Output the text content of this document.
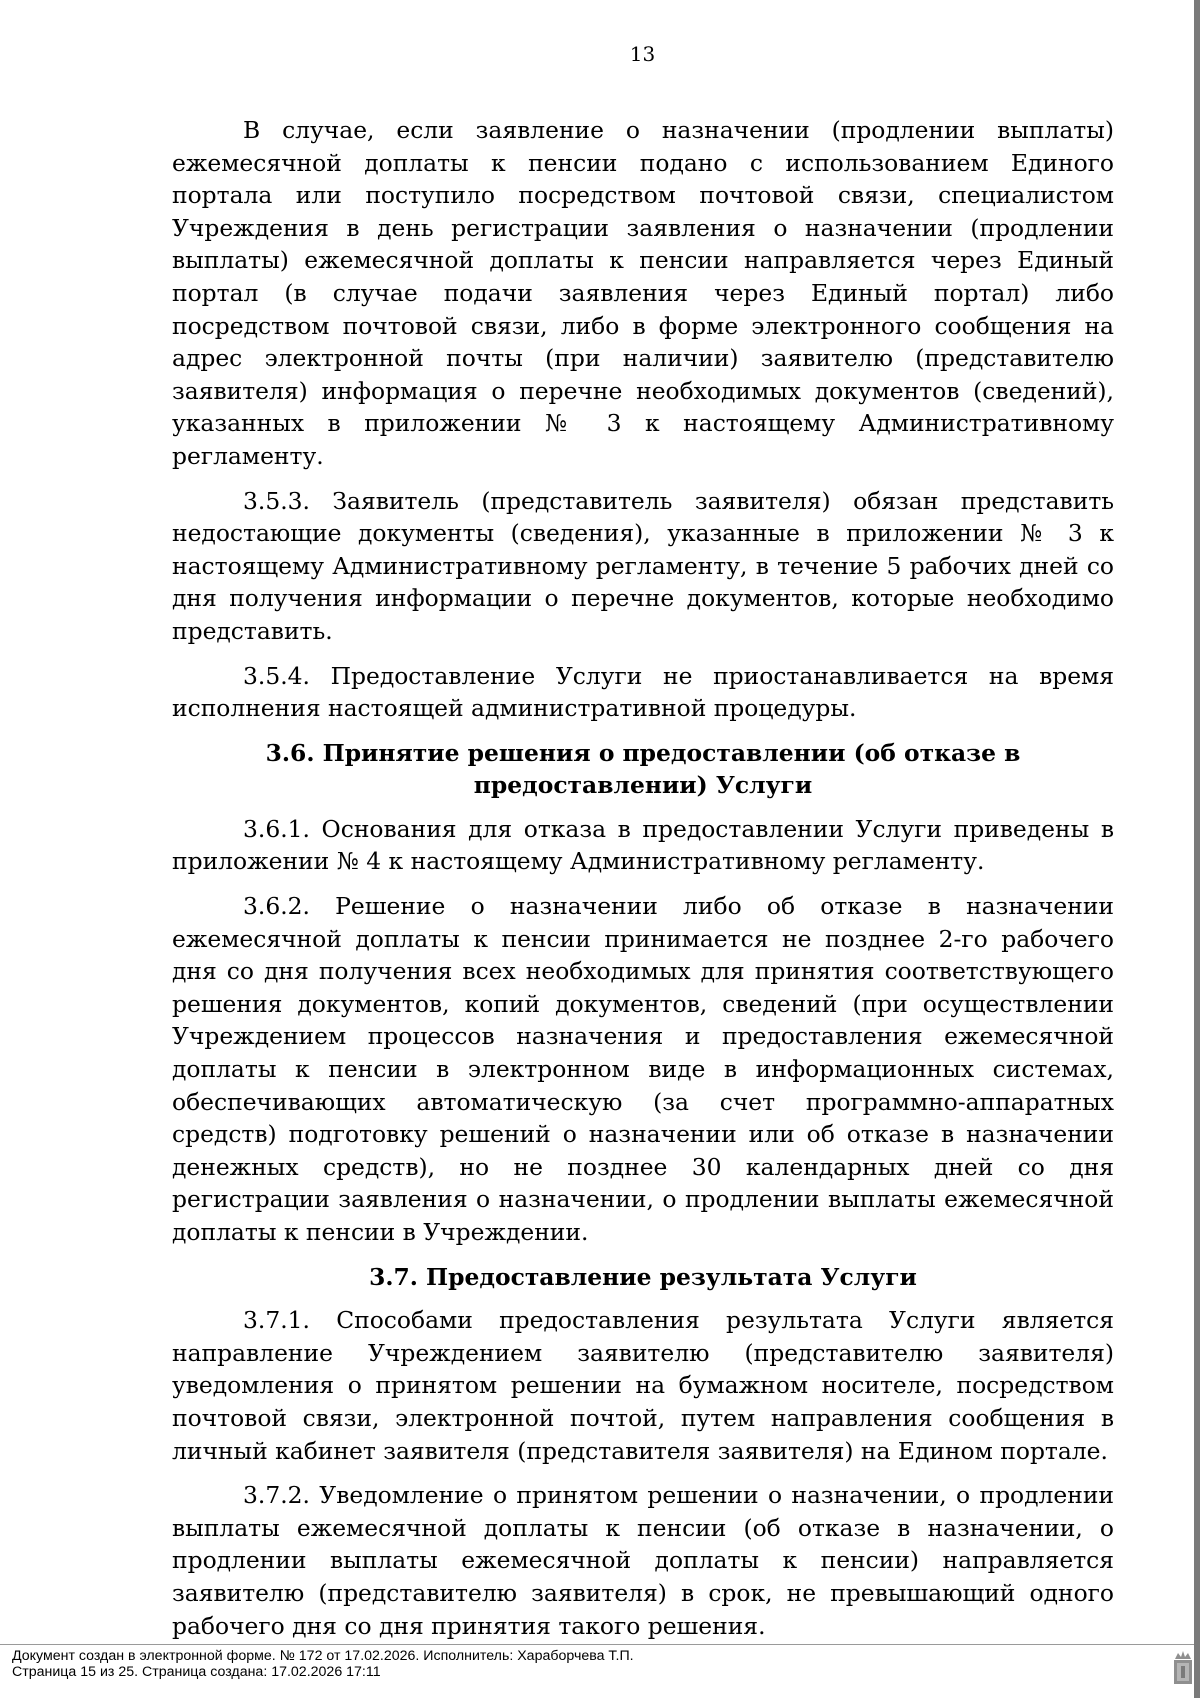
13

В случае, если заявление о назначении (продлении выплаты) ежемесячной доплаты к пенсии подано с использованием Единого портала или поступило посредством почтовой связи, специалистом Учреждения в день регистрации заявления о назначении (продлении выплаты) ежемесячной доплаты к пенсии направляется через Единый портал (в случае подачи заявления через Единый портал) либо посредством почтовой связи, либо в форме электронного сообщения на адрес электронной почты (при наличии) заявителю (представителю заявителя) информация о перечне необходимых документов (сведений), указанных в приложении № 3 к настоящему Административному регламенту.

3.5.3. Заявитель (представитель заявителя) обязан представить недостающие документы (сведения), указанные в приложении № 3 к настоящему Административному регламенту, в течение 5 рабочих дней со дня получения информации о перечне документов, которые необходимо представить.

3.5.4. Предоставление Услуги не приостанавливается на время исполнения настоящей административной процедуры.

3.6. Принятие решения о предоставлении (об отказе в предоставлении) Услуги

3.6.1. Основания для отказа в предоставлении Услуги приведены в приложении № 4 к настоящему Административному регламенту.

3.6.2. Решение о назначении либо об отказе в назначении ежемесячной доплаты к пенсии принимается не позднее 2-го рабочего дня со дня получения всех необходимых для принятия соответствующего решения документов, копий документов, сведений (при осуществлении Учреждением процессов назначения и предоставления ежемесячной доплаты к пенсии в электронном виде в информационных системах, обеспечивающих автоматическую (за счет программно-аппаратных средств) подготовку решений о назначении или об отказе в назначении денежных средств), но не позднее 30 календарных дней со дня регистрации заявления о назначении, о продлении выплаты ежемесячной доплаты к пенсии в Учреждении.

3.7. Предоставление результата Услуги

3.7.1. Способами предоставления результата Услуги является направление Учреждением заявителю (представителю заявителя) уведомления о принятом решении на бумажном носителе, посредством почтовой связи, электронной почтой, путем направления сообщения в личный кабинет заявителя (представителя заявителя) на Едином портале.

3.7.2. Уведомление о принятом решении о назначении, о продлении выплаты ежемесячной доплаты к пенсии (об отказе в назначении, о продлении выплаты ежемесячной доплаты к пенсии) направляется заявителю (представителю заявителя) в срок, не превышающий одного рабочего дня со дня принятия такого решения.

Документ создан в электронной форме. № 172 от 17.02.2026. Исполнитель: Хараборчева Т.П.
Страница 15 из 25. Страница создана: 17.02.2026 17:11
